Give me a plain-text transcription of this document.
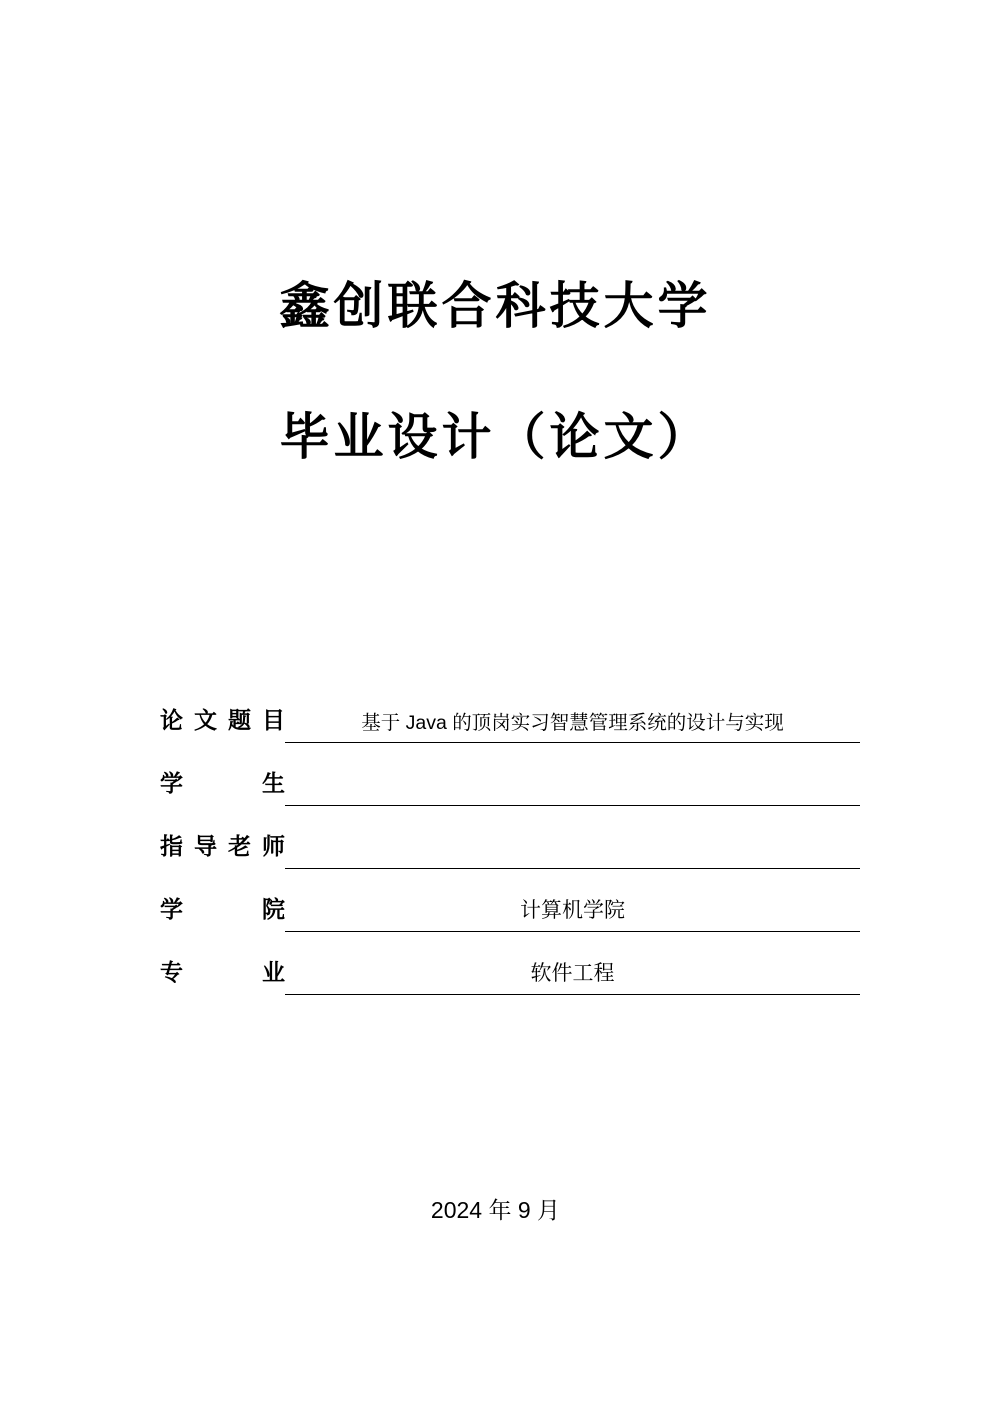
鑫创联合科技大学
毕业设计（论文）
论 文 题 目	基于 Java 的顶岗实习智慧管理系统的设计与实现
学	生
指 导 老 师
学	院	计算机学院
专	业	软件工程
2024 年 9 月
